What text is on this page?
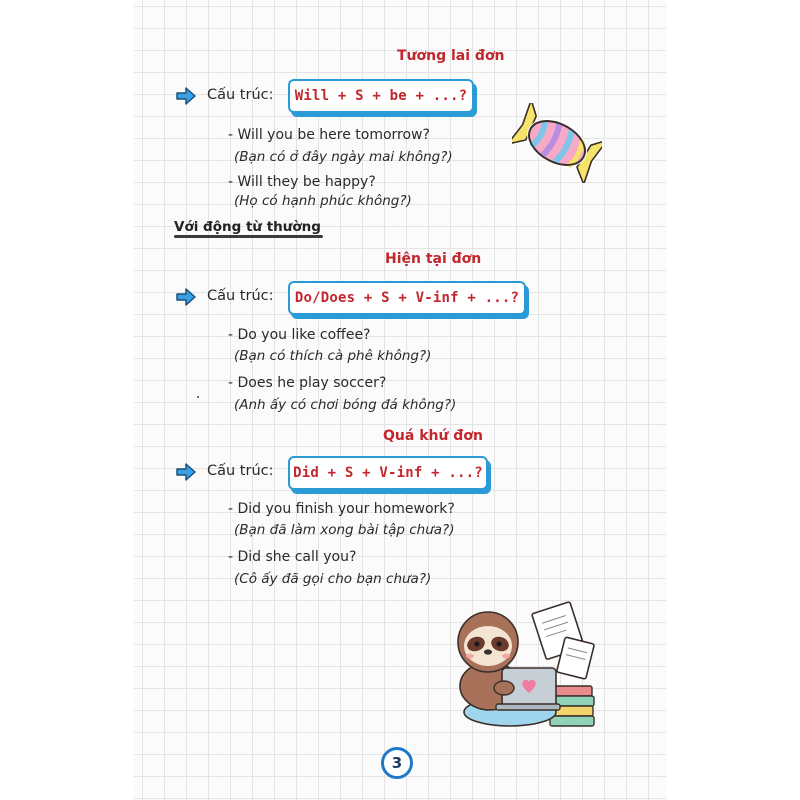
Tương lai đơn
Cấu trúc:	Will + S + be + ...?
- Will you be here tomorrow?
(Bạn có ở đây ngày mai không?)
- Will they be happy?
(Họ có hạnh phúc không?)
Với động từ thường
Hiện tại đơn
Cấu trúc:	Do/Does + S + V-inf + ...?
- Do you like coffee?
(Bạn có thích cà phê không?)
- Does he play soccer?
(Anh ấy có chơi bóng đá không?)
Quá khứ đơn
Cấu trúc:	Did + S + V-inf + ...?
- Did you finish your homework?
(Bạn đã làm xong bài tập chưa?)
- Did she call you?
(Cô ấy đã gọi cho bạn chưa?)
3
